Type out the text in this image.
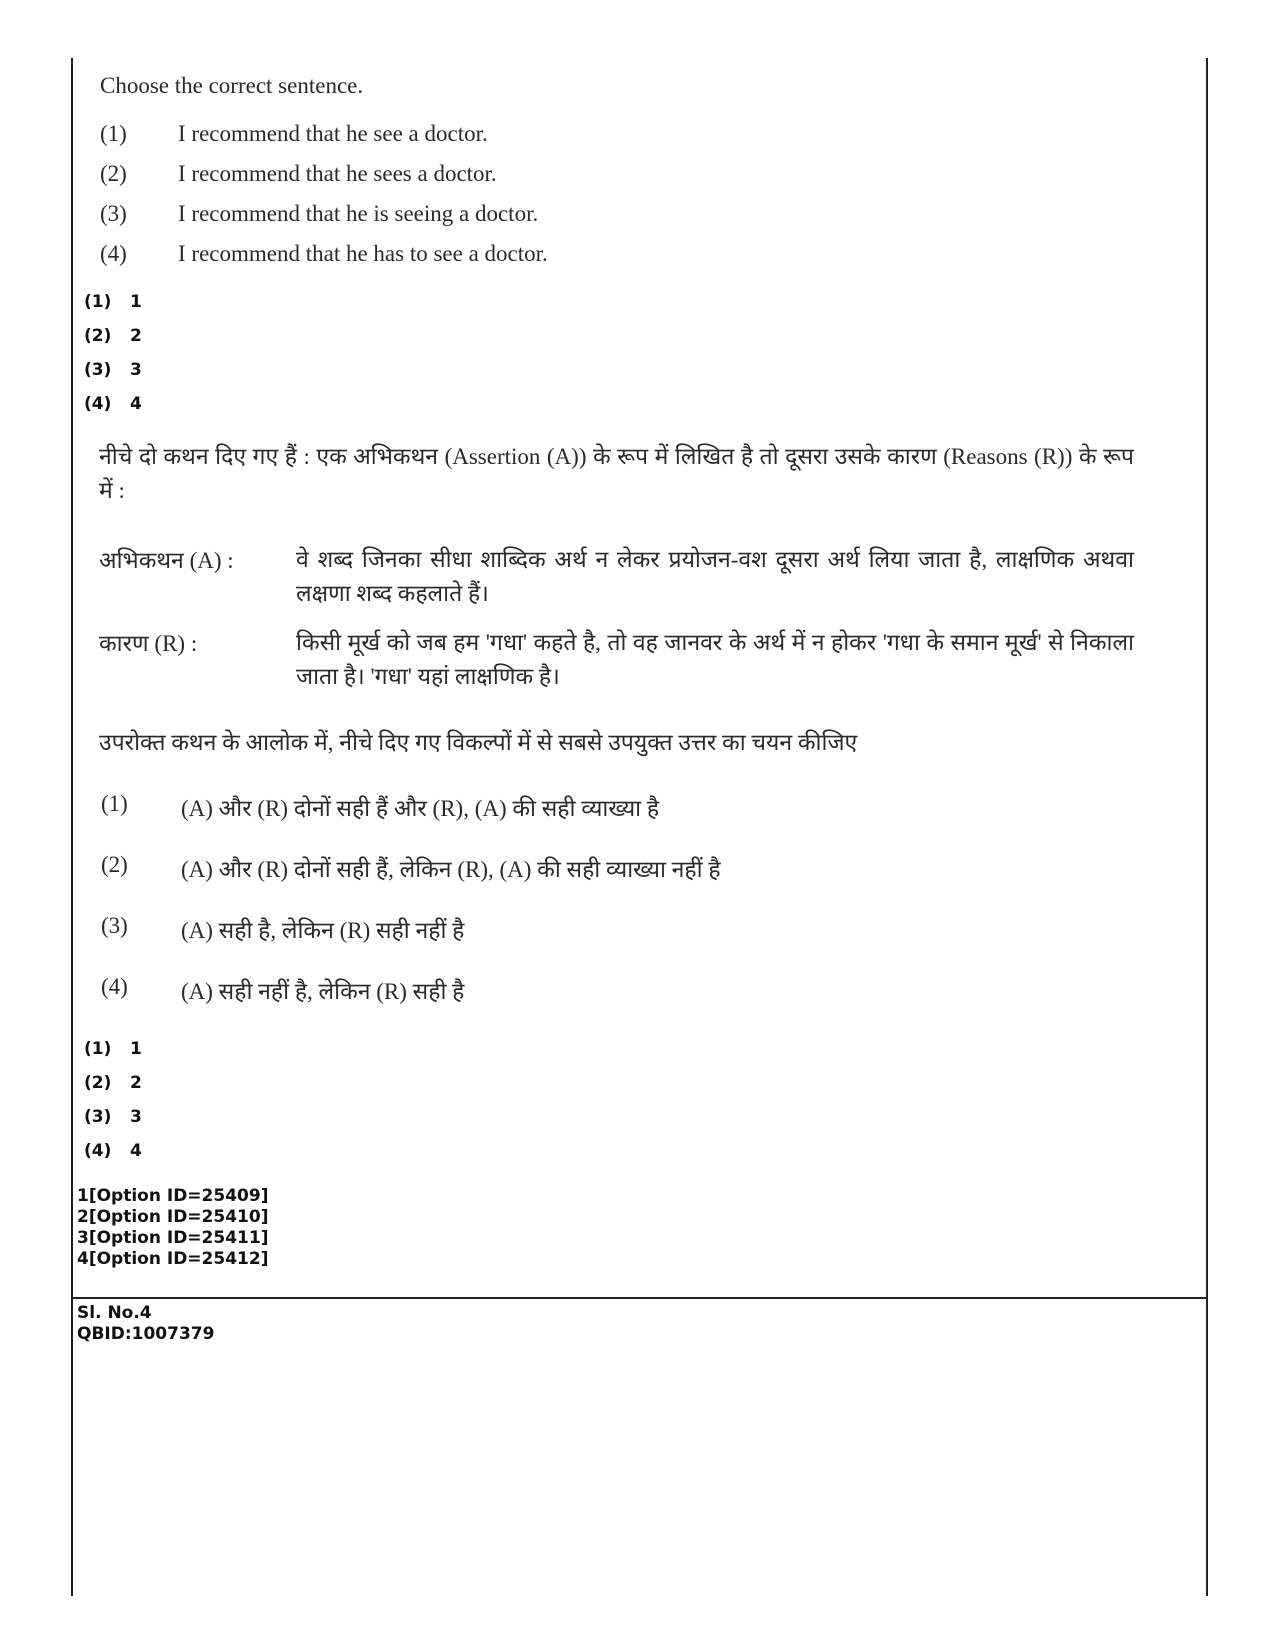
Choose the correct sentence.
(1) I recommend that he see a doctor.
(2) I recommend that he sees a doctor.
(3) I recommend that he is seeing a doctor.
(4) I recommend that he has to see a doctor.
(1) 1
(2) 2
(3) 3
(4) 4
नीचे दो कथन दिए गए हैं : एक अभिकथन (Assertion (A)) के रूप में लिखित है तो दूसरा उसके कारण (Reasons (R)) के रूप में :
अभिकथन (A) :	वे शब्द जिनका सीधा शाब्दिक अर्थ न लेकर प्रयोजन-वश दूसरा अर्थ लिया जाता है, लाक्षणिक अथवा लक्षणा शब्द कहलाते हैं।
कारण (R) :	किसी मूर्ख को जब हम 'गधा' कहते है, तो वह जानवर के अर्थ में न होकर 'गधा के समान मूर्ख' से निकाला जाता है। 'गधा' यहां लाक्षणिक है।
उपरोक्त कथन के आलोक में, नीचे दिए गए विकल्पों में से सबसे उपयुक्त उत्तर का चयन कीजिए
(1) (A) और (R) दोनों सही हैं और (R), (A) की सही व्याख्या है
(2) (A) और (R) दोनों सही हैं, लेकिन (R), (A) की सही व्याख्या नहीं है
(3) (A) सही है, लेकिन (R) सही नहीं है
(4) (A) सही नहीं है, लेकिन (R) सही है
(1) 1
(2) 2
(3) 3
(4) 4
1[Option ID=25409]
2[Option ID=25410]
3[Option ID=25411]
4[Option ID=25412]
Sl. No.4
QBID:1007379
